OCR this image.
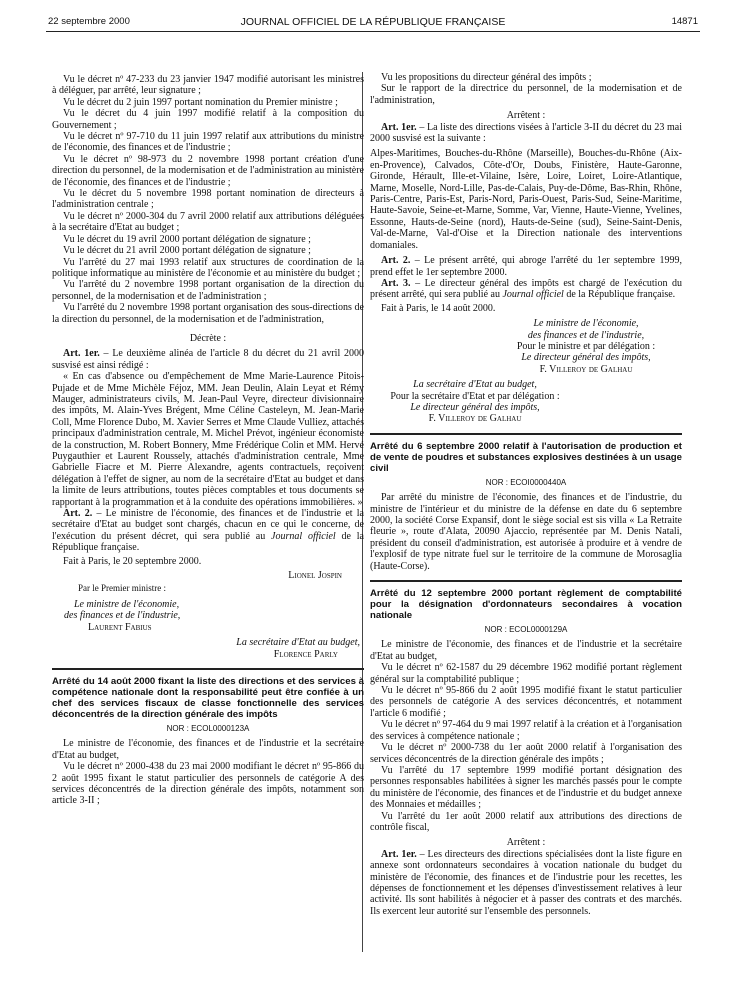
22 septembre 2000	JOURNAL OFFICIEL DE LA RÉPUBLIQUE FRANÇAISE	14871

Vu le décret nº 47-233 du 23 janvier 1947 modifié autorisant les ministres à déléguer, par arrêté, leur signature ;

Vu le décret du 2 juin 1997 portant nomination du Premier ministre ;

Vu le décret du 4 juin 1997 modifié relatif à la composition du Gouvernement ;

Vu le décret nº 97-710 du 11 juin 1997 relatif aux attributions du ministre de l'économie, des finances et de l'industrie ;

Vu le décret nº 98-973 du 2 novembre 1998 portant création d'une direction du personnel, de la modernisation et de l'administration au ministère de l'économie, des finances et de l'industrie ;

Vu le décret du 5 novembre 1998 portant nomination de directeurs à l'administration centrale ;

Vu le décret nº 2000-304 du 7 avril 2000 relatif aux attributions déléguées à la secrétaire d'Etat au budget ;

Vu le décret du 19 avril 2000 portant délégation de signature ;

Vu le décret du 21 avril 2000 portant délégation de signature ;

Vu l'arrêté du 27 mai 1993 relatif aux structures de coordination de la politique informatique au ministère de l'économie et au ministère du budget ;

Vu l'arrêté du 2 novembre 1998 portant organisation de la direction du personnel, de la modernisation et de l'administration ;

Vu l'arrêté du 2 novembre 1998 portant organisation des sous-directions de la direction du personnel, de la modernisation et de l'administration,

Décrète :

Art. 1er. – Le deuxième alinéa de l'article 8 du décret du 21 avril 2000 susvisé est ainsi rédigé :

« En cas d'absence ou d'empêchement de Mme Marie-Laurence Pitois-Pujade et de Mme Michèle Féjoz, MM. Jean Deulin, Alain Leyat et Rémy Mauger, administrateurs civils, M. Jean-Paul Veyre, directeur divisionnaire des impôts, M. Alain-Yves Brégent, Mme Céline Casteleyn, M. Jean-Marie Coll, Mme Florence Dubo, M. Xavier Serres et Mme Claude Vulliez, attachés principaux d'administration centrale, M. Michel Prévot, ingénieur économiste de la construction, M. Robert Bonnery, Mme Frédérique Colin et MM. Hervé Puygauthier et Laurent Roussely, attachés d'administration centrale, Mme Gabrielle Fiacre et M. Pierre Alexandre, agents contractuels, reçoivent délégation à l'effet de signer, au nom de la secrétaire d'Etat au budget et dans la limite de leurs attributions, toutes pièces comptables et tous documents se rapportant à la programmation et à la conduite des opérations immobilières. »

Art. 2. – Le ministre de l'économie, des finances et de l'industrie et la secrétaire d'Etat au budget sont chargés, chacun en ce qui le concerne, de l'exécution du présent décret, qui sera publié au Journal officiel de la République française.

Fait à Paris, le 20 septembre 2000.

Lionel Jospin

Par le Premier ministre :

Le ministre de l'économie,

des finances et de l'industrie,

Laurent Fabius

La secrétaire d'Etat au budget,

Florence Parly

Arrêté du 14 août 2000 fixant la liste des directions et des services à compétence nationale dont la responsabilité peut être confiée à un chef des services fiscaux de classe fonctionnelle des services déconcentrés de la direction générale des impôts

NOR : ECOL0000123A

Le ministre de l'économie, des finances et de l'industrie et la secrétaire d'Etat au budget,

Vu le décret nº 2000-438 du 23 mai 2000 modifiant le décret nº 95-866 du 2 août 1995 fixant le statut particulier des personnels de catégorie A des services déconcentrés de la direction générale des impôts, notamment son article 3-II ;

Vu les propositions du directeur général des impôts ;

Sur le rapport de la directrice du personnel, de la modernisation et de l'administration,

Arrêtent :

Art. 1er. – La liste des directions visées à l'article 3-II du décret du 23 mai 2000 susvisé est la suivante :

Alpes-Maritimes, Bouches-du-Rhône (Marseille), Bouches-du-Rhône (Aix-en-Provence), Calvados, Côte-d'Or, Doubs, Finistère, Haute-Garonne, Gironde, Hérault, Ille-et-Vilaine, Isère, Loire, Loiret, Loire-Atlantique, Marne, Moselle, Nord-Lille, Pas-de-Calais, Puy-de-Dôme, Bas-Rhin, Rhône, Paris-Centre, Paris-Est, Paris-Nord, Paris-Ouest, Paris-Sud, Seine-Maritime, Haute-Savoie, Seine-et-Marne, Somme, Var, Vienne, Haute-Vienne, Yvelines, Essonne, Hauts-de-Seine (nord), Hauts-de-Seine (sud), Seine-Saint-Denis, Val-de-Marne, Val-d'Oise et la Direction nationale des interventions domaniales.

Art. 2. – Le présent arrêté, qui abroge l'arrêté du 1er septembre 1999, prend effet le 1er septembre 2000.

Art. 3. – Le directeur général des impôts est chargé de l'exécution du présent arrêté, qui sera publié au Journal officiel de la République française.

Fait à Paris, le 14 août 2000.

Le ministre de l'économie,

des finances et de l'industrie,

Pour le ministre et par délégation :

Le directeur général des impôts,

F. Villeroy de Galhau

La secrétaire d'Etat au budget,

Pour la secrétaire d'Etat et par délégation :

Le directeur général des impôts,

F. Villeroy de Galhau

Arrêté du 6 septembre 2000 relatif à l'autorisation de production et de vente de poudres et substances explosives destinées à un usage civil

NOR : ECOI0000440A

Par arrêté du ministre de l'économie, des finances et de l'industrie, du ministre de l'intérieur et du ministre de la défense en date du 6 septembre 2000, la société Corse Expansif, dont le siège social est sis villa « La Retraite fleurie », route d'Alata, 20090 Ajaccio, représentée par M. Denis Natali, président du conseil d'administration, est autorisée à produire et à vendre de l'explosif de type nitrate fuel sur le territoire de la commune de Morosaglia (Haute-Corse).

Arrêté du 12 septembre 2000 portant règlement de comptabilité pour la désignation d'ordonnateurs secondaires à vocation nationale

NOR : ECOL0000129A

Le ministre de l'économie, des finances et de l'industrie et la secrétaire d'Etat au budget,

Vu le décret nº 62-1587 du 29 décembre 1962 modifié portant règlement général sur la comptabilité publique ;

Vu le décret nº 95-866 du 2 août 1995 modifié fixant le statut particulier des personnels de catégorie A des services déconcentrés, et notamment l'article 6 modifié ;

Vu le décret nº 97-464 du 9 mai 1997 relatif à la création et à l'organisation des services à compétence nationale ;

Vu le décret nº 2000-738 du 1er août 2000 relatif à l'organisation des services déconcentrés de la direction générale des impôts ;

Vu l'arrêté du 17 septembre 1999 modifié portant désignation des personnes responsables habilitées à signer les marchés passés pour le compte du ministère de l'économie, des finances et de l'industrie et du budget annexe des Monnaies et médailles ;

Vu l'arrêté du 1er août 2000 relatif aux attributions des directions de contrôle fiscal,

Arrêtent :

Art. 1er. – Les directeurs des directions spécialisées dont la liste figure en annexe sont ordonnateurs secondaires à vocation nationale du budget du ministère de l'économie, des finances et de l'industrie pour les recettes, les dépenses de fonctionnement et les dépenses d'investissement relatives à leur activité. Ils sont habilités à négocier et à passer des contrats et des marchés. Ils exercent leur autorité sur l'ensemble des personnels.
